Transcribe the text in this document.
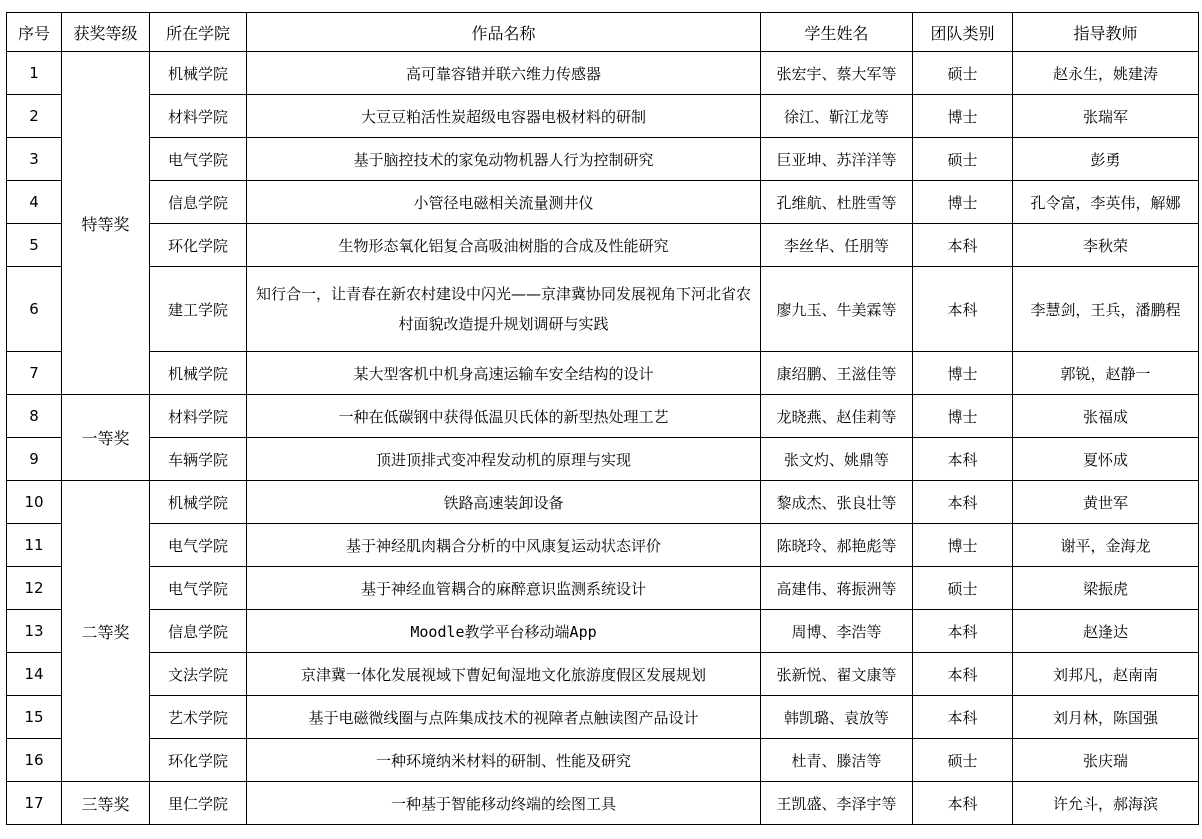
序号	获奖等级	所在学院	作品名称	学生姓名	团队类别	指导教师
1	特等奖	机械学院	高可靠容错并联六维力传感器	张宏宇、蔡大军等	硕士	赵永生，姚建涛
2		材料学院	大豆豆粕活性炭超级电容器电极材料的研制	徐江、靳江龙等	博士	张瑞军
3		电气学院	基于脑控技术的家兔动物机器人行为控制研究	巨亚坤、苏洋洋等	硕士	彭勇
4		信息学院	小管径电磁相关流量测井仪	孔维航、杜胜雪等	博士	孔令富，李英伟，解娜
5		环化学院	生物形态氧化铝复合高吸油树脂的合成及性能研究	李丝华、任朋等	本科	李秋荣
6		建工学院	知行合一，让青春在新农村建设中闪光——京津冀协同发展视角下河北省农村面貌改造提升规划调研与实践	廖九玉、牛美霖等	本科	李慧剑，王兵，潘鹏程
7		机械学院	某大型客机中机身高速运输车安全结构的设计	康绍鹏、王滋佳等	博士	郭锐，赵静一
8	一等奖	材料学院	一种在低碳钢中获得低温贝氏体的新型热处理工艺	龙晓燕、赵佳莉等	博士	张福成
9		车辆学院	顶进顶排式变冲程发动机的原理与实现	张文灼、姚鼎等	本科	夏怀成
10	二等奖	机械学院	铁路高速装卸设备	黎成杰、张良壮等	本科	黄世军
11		电气学院	基于神经肌肉耦合分析的中风康复运动状态评价	陈晓玲、郝艳彪等	博士	谢平，金海龙
12		电气学院	基于神经血管耦合的麻醉意识监测系统设计	高建伟、蒋振洲等	硕士	梁振虎
13		信息学院	Moodle教学平台移动端App	周博、李浩等	本科	赵逢达
14		文法学院	京津冀一体化发展视域下曹妃甸湿地文化旅游度假区发展规划	张新悦、翟文康等	本科	刘邦凡，赵南南
15		艺术学院	基于电磁微线圈与点阵集成技术的视障者点触读图产品设计	韩凯璐、袁放等	本科	刘月林，陈国强
16		环化学院	一种环境纳米材料的研制、性能及研究	杜青、滕洁等	硕士	张庆瑞
17	三等奖	里仁学院	一种基于智能移动终端的绘图工具	王凯盛、李泽宇等	本科	许允斗，郝海滨
